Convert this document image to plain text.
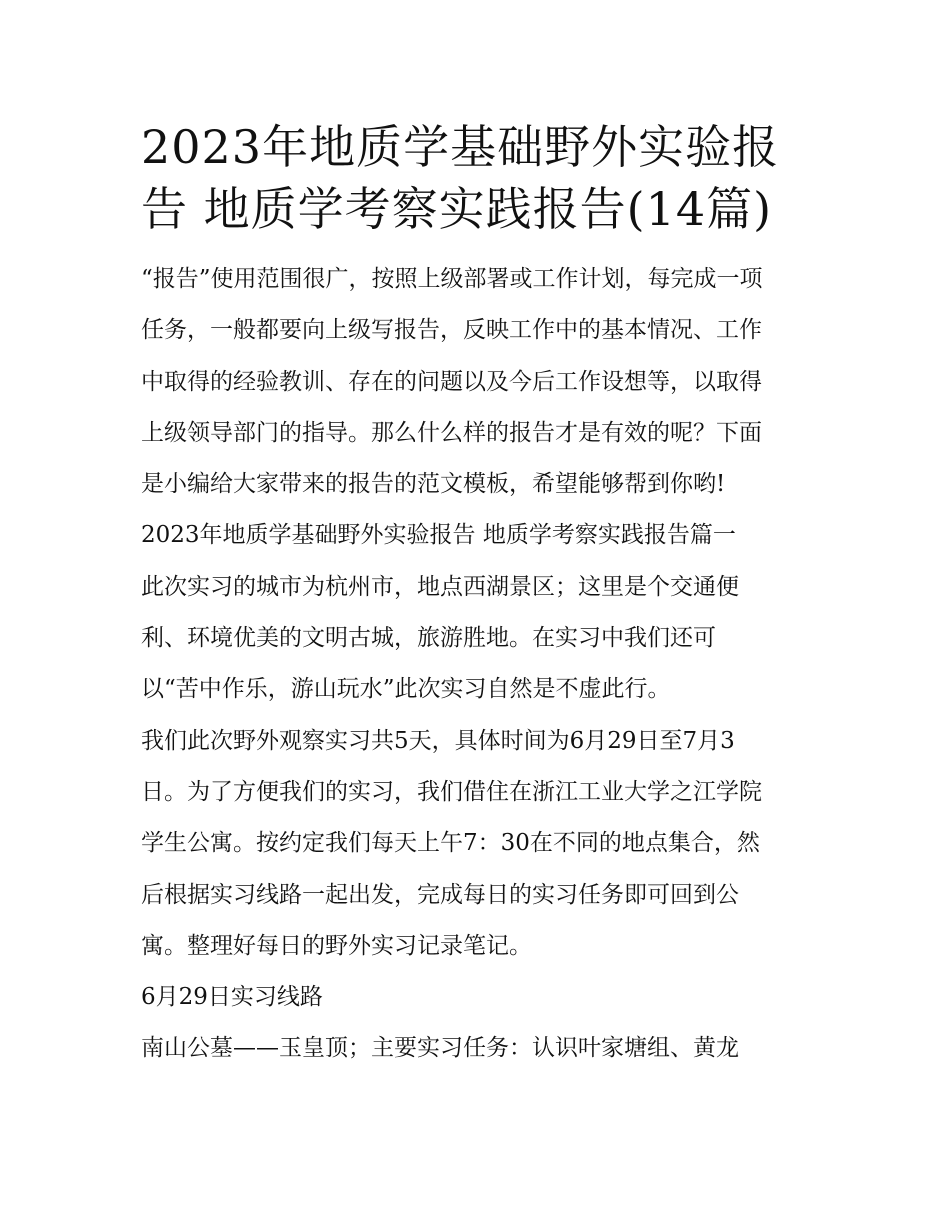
2023年地质学基础野外实验报
告 地质学考察实践报告(14篇)
“报告”使用范围很广，按照上级部署或工作计划，每完成一项
任务，一般都要向上级写报告，反映工作中的基本情况、工作
中取得的经验教训、存在的问题以及今后工作设想等，以取得
上级领导部门的指导。那么什么样的报告才是有效的呢？下面
是小编给大家带来的报告的范文模板，希望能够帮到你哟!
2023年地质学基础野外实验报告 地质学考察实践报告篇一
此次实习的城市为杭州市，地点西湖景区；这里是个交通便
利、环境优美的文明古城，旅游胜地。在实习中我们还可
以“苦中作乐，游山玩水”此次实习自然是不虚此行。
我们此次野外观察实习共5天，具体时间为6月29日至7月3
日。为了方便我们的实习，我们借住在浙江工业大学之江学院
学生公寓。按约定我们每天上午7：30在不同的地点集合，然
后根据实习线路一起出发，完成每日的实习任务即可回到公
寓。整理好每日的野外实习记录笔记。
6月29日实习线路
南山公墓——玉皇顶；主要实习任务：认识叶家塘组、黄龙
